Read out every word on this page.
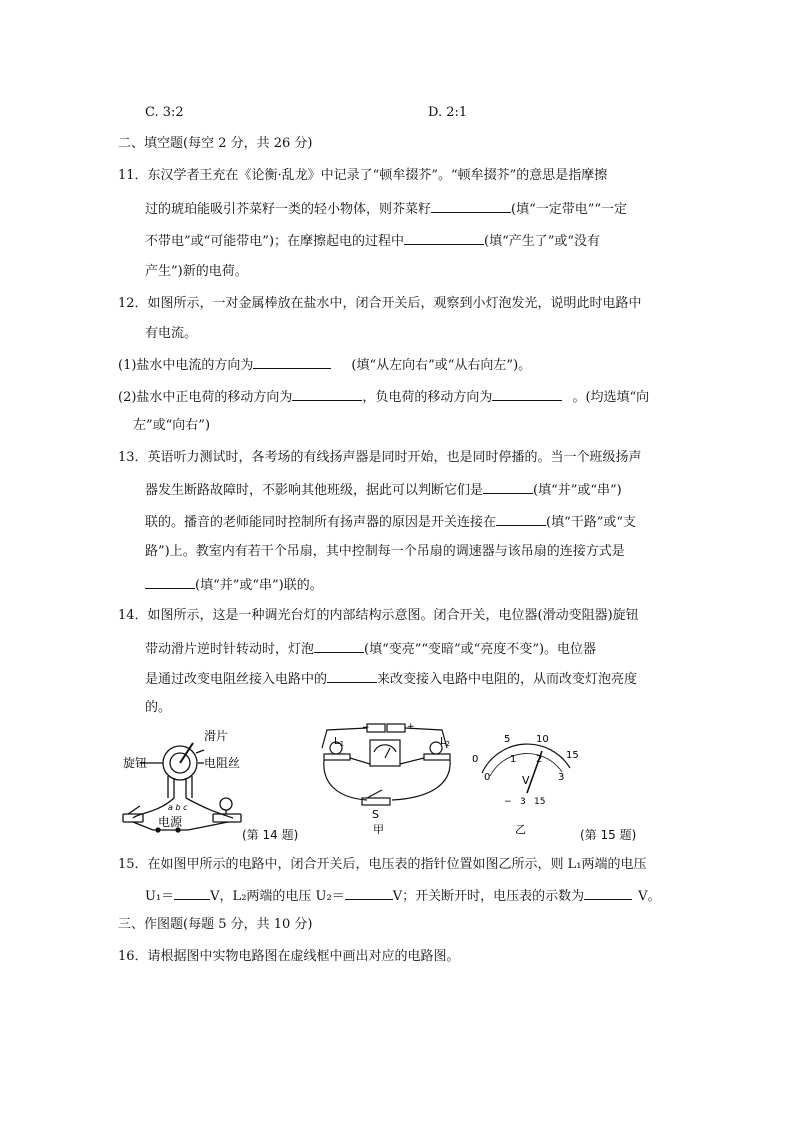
C. 3:2	D. 2:1
二、填空题(每空 2 分，共 26 分)
11．东汉学者王充在《论衡·乱龙》中记录了“顿牟掇芥”。“顿牟掇芥”的意思是指摩擦
过的琥珀能吸引芥菜籽一类的轻小物体，则芥菜籽	(填“一定带电”“一定
不带电”或“可能带电”)；在摩擦起电的过程中	(填“产生了”或“没有
产生”)新的电荷。
12．如图所示，一对金属棒放在盐水中，闭合开关后，观察到小灯泡发光，说明此时电路中
有电流。
(1)盐水中电流的方向为	(填“从左向右”或“从右向左”)。
(2)盐水中正电荷的移动方向为	，负电荷的移动方向为	。(均选填“向
左”或“向右”)
13．英语听力测试时，各考场的有线扬声器是同时开始，也是同时停播的。当一个班级扬声
器发生断路故障时，不影响其他班级，据此可以判断它们是	(填“并”或“串”)
联的。播音的老师能同时控制所有扬声器的原因是开关连接在	(填“干路”或“支
路”)上。教室内有若干个吊扇，其中控制每一个吊扇的调速器与该吊扇的连接方式是
(填“并”或“串”)联的。
14．如图所示，这是一种调光台灯的内部结构示意图。闭合开关，电位器(滑动变阻器)旋钮
带动滑片逆时针转动时，灯泡	(填“变亮”“变暗”或“亮度不变”)。电位器
是通过改变电阻丝接入电路中的	来改变接入电路中电阻的，从而改变灯泡亮度
的。
旋钮
滑片
电阻丝
a b c
电源
(第 14 题)
$L_1$	$L_2$
−	+
S
甲
0
5	10
15
0
1 2
3
V
− 3 15
乙	(第 15 题)
15．在如图甲所示的电路中，闭合开关后，电压表的指针位置如图乙所示，则 L₁两端的电压
U₁＝	V，L₂两端的电压 U₂＝	V；开关断开时，电压表的示数为	V。
三、作图题(每题 5 分，共 10 分)
16．请根据图中实物电路图在虚线框中画出对应的电路图。
